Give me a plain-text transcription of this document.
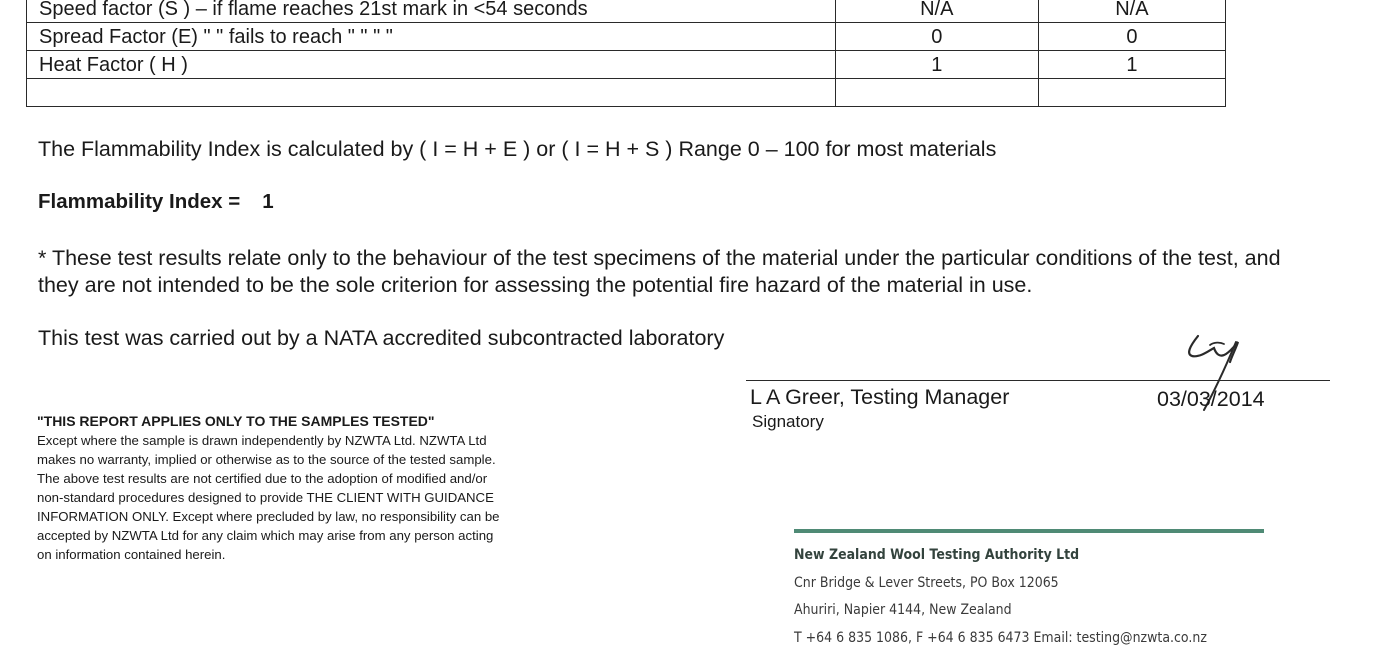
Speed factor (S ) – if flame reaches 21st mark in <54 seconds	N/A	N/A
Spread Factor (E) " " fails to reach " " " "	0	0
Heat Factor ( H )	1	1

The Flammability Index is calculated by ( I = H + E ) or ( I = H + S ) Range 0 – 100 for most materials
Flammability Index = 1
* These test results relate only to the behaviour of the test specimens of the material under the particular conditions of the test, and they are not intended to be the sole criterion for assessing the potential fire hazard of the material in use.
This test was carried out by a NATA accredited subcontracted laboratory
L A Greer, Testing Manager	03/03/2014
Signatory
"THIS REPORT APPLIES ONLY TO THE SAMPLES TESTED"
Except where the sample is drawn independently by NZWTA Ltd. NZWTA Ltd
makes no warranty, implied or otherwise as to the source of the tested sample.
The above test results are not certified due to the adoption of modified and/or
non-standard procedures designed to provide THE CLIENT WITH GUIDANCE
INFORMATION ONLY. Except where precluded by law, no responsibility can be
accepted by NZWTA Ltd for any claim which may arise from any person acting
on information contained herein.	New Zealand Wool Testing Authority Ltd
Cnr Bridge & Lever Streets, PO Box 12065
Ahuriri, Napier 4144, New Zealand
T +64 6 835 1086, F +64 6 835 6473 Email: testing@nzwta.co.nz
